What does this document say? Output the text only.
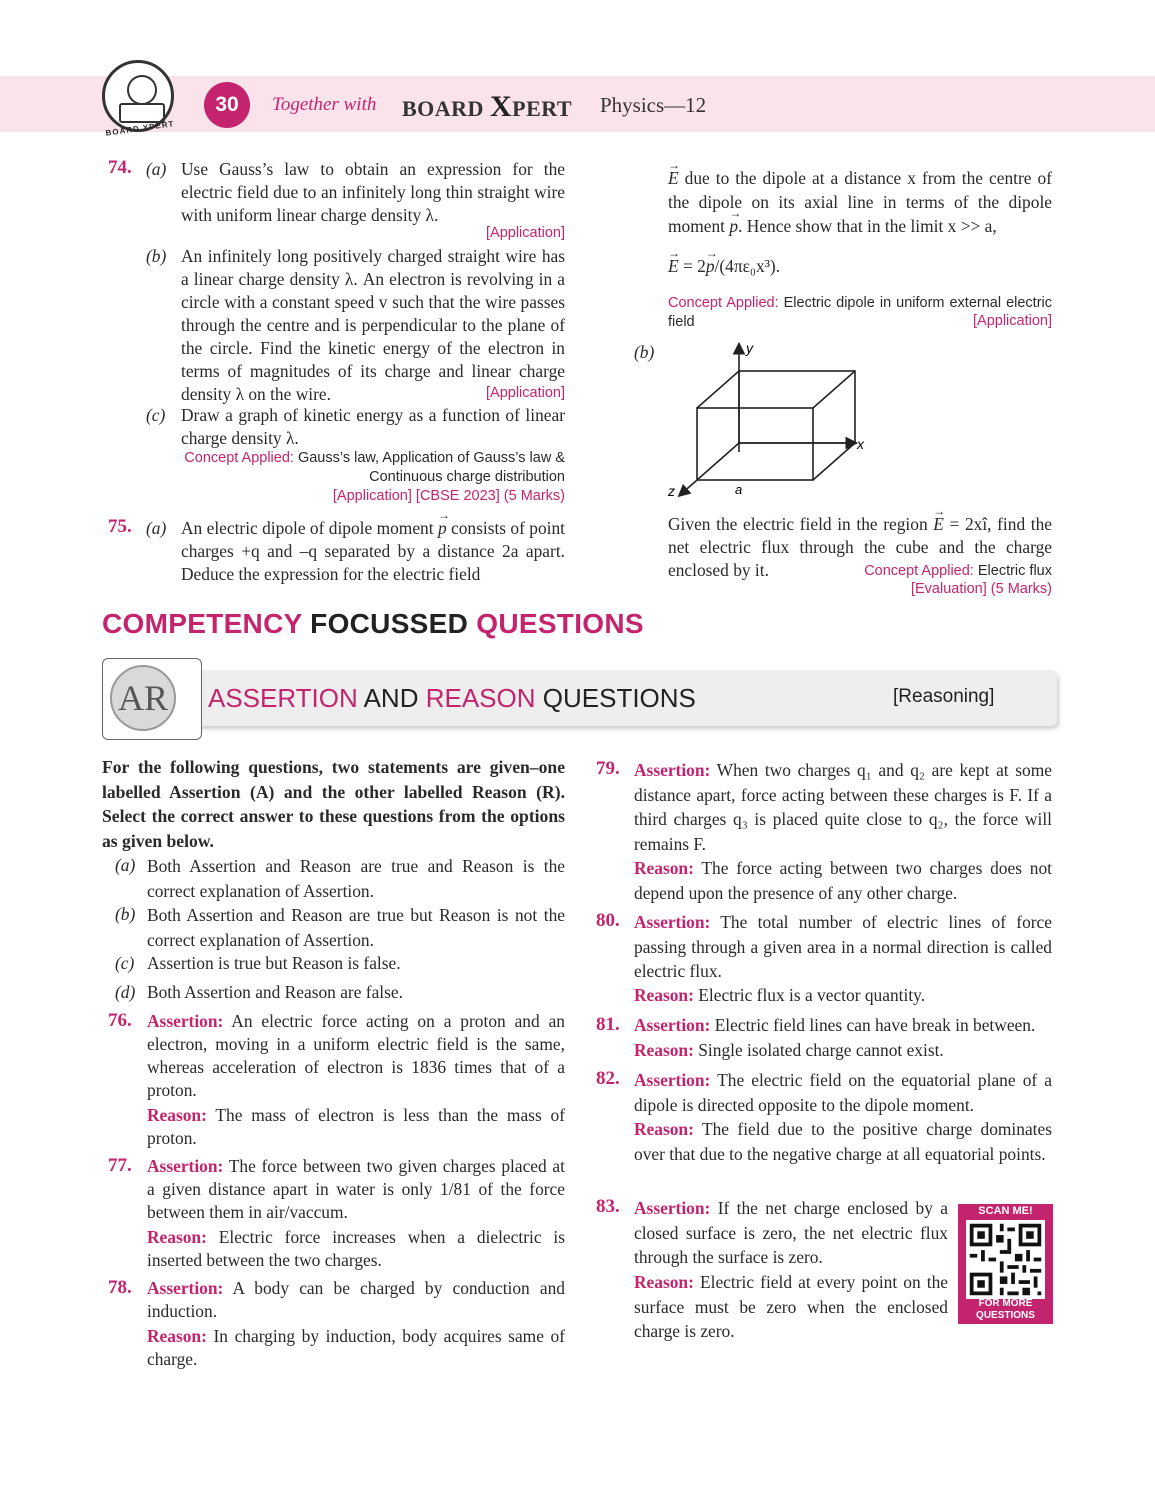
BOARD XPERT
30	Together with BOARD XPERT Physics—12
74. (a) Use Gauss’s law to obtain an expression for the electric field due to an infinitely long thin straight wire with uniform linear charge density λ.
[Application]
(b) An infinitely long positively charged straight wire has a linear charge density λ. An electron is revolving in a circle with a constant speed v such that the wire passes through the centre and is perpendicular to the plane of the circle. Find the kinetic energy of the electron in terms of magnitudes of its charge and linear charge density λ on the wire.	[Application]
(c) Draw a graph of kinetic energy as a function of linear charge density λ.
Concept Applied: Gauss’s law, Application of Gauss’s law & Continuous charge distribution
[Application] [CBSE 2023] (5 Marks)
75. (a) An electric dipole of dipole moment → p consists of point charges +q and –q separated by a distance 2a apart. Deduce the expression for the electric field
→ E due to the dipole at a distance x from the centre of the dipole on its axial line in terms of the dipole moment → p. Hence show that in the limit x >> a,
→ E = 2→ p/(4πε₀x³).
Concept Applied: Electric dipole in uniform external electric field	[Application]
(b)	y
x
z	a
Given the electric field in the region → E = 2xî, find the net electric flux through the cube and the charge enclosed by it.	Concept Applied: Electric flux
[Evaluation] (5 Marks)
COMPETENCY FOCUSSED QUESTIONS
AR	ASSERTION AND REASON QUESTIONS	[Reasoning]
For the following questions, two statements are given–one labelled Assertion (A) and the other labelled Reason (R). Select the correct answer to these questions from the options as given below.
(a) Both Assertion and Reason are true and Reason is the correct explanation of Assertion.
(b) Both Assertion and Reason are true but Reason is not the correct explanation of Assertion.
(c) Assertion is true but Reason is false.
(d) Both Assertion and Reason are false.
76. Assertion: An electric force acting on a proton and an electron, moving in a uniform electric field is the same, whereas acceleration of electron is 1836 times that of a proton.
Reason: The mass of electron is less than the mass of proton.
77. Assertion: The force between two given charges placed at a given distance apart in water is only 1/81 of the force between them in air/vaccum.
Reason: Electric force increases when a dielectric is inserted between the two charges.
78. Assertion: A body can be charged by conduction and induction.
Reason: In charging by induction, body acquires same of charge.
79. Assertion: When two charges q₁ and q₂ are kept at some distance apart, force acting between these charges is F. If a third charges q₃ is placed quite close to q₂, the force will remains F.
Reason: The force acting between two charges does not depend upon the presence of any other charge.
80. Assertion: The total number of electric lines of force passing through a given area in a normal direction is called electric flux.
Reason: Electric flux is a vector quantity.
81. Assertion: Electric field lines can have break in between.
Reason: Single isolated charge cannot exist.
82. Assertion: The electric field on the equatorial plane of a dipole is directed opposite to the dipole moment.
Reason: The field due to the positive charge dominates over that due to the negative charge at all equatorial points.
83. Assertion: If the net charge enclosed by a closed surface is zero, the net electric flux through the surface is zero.
Reason: Electric field at every point on the surface must be zero when the enclosed charge is zero.
SCAN ME!
FOR MORE QUESTIONS
